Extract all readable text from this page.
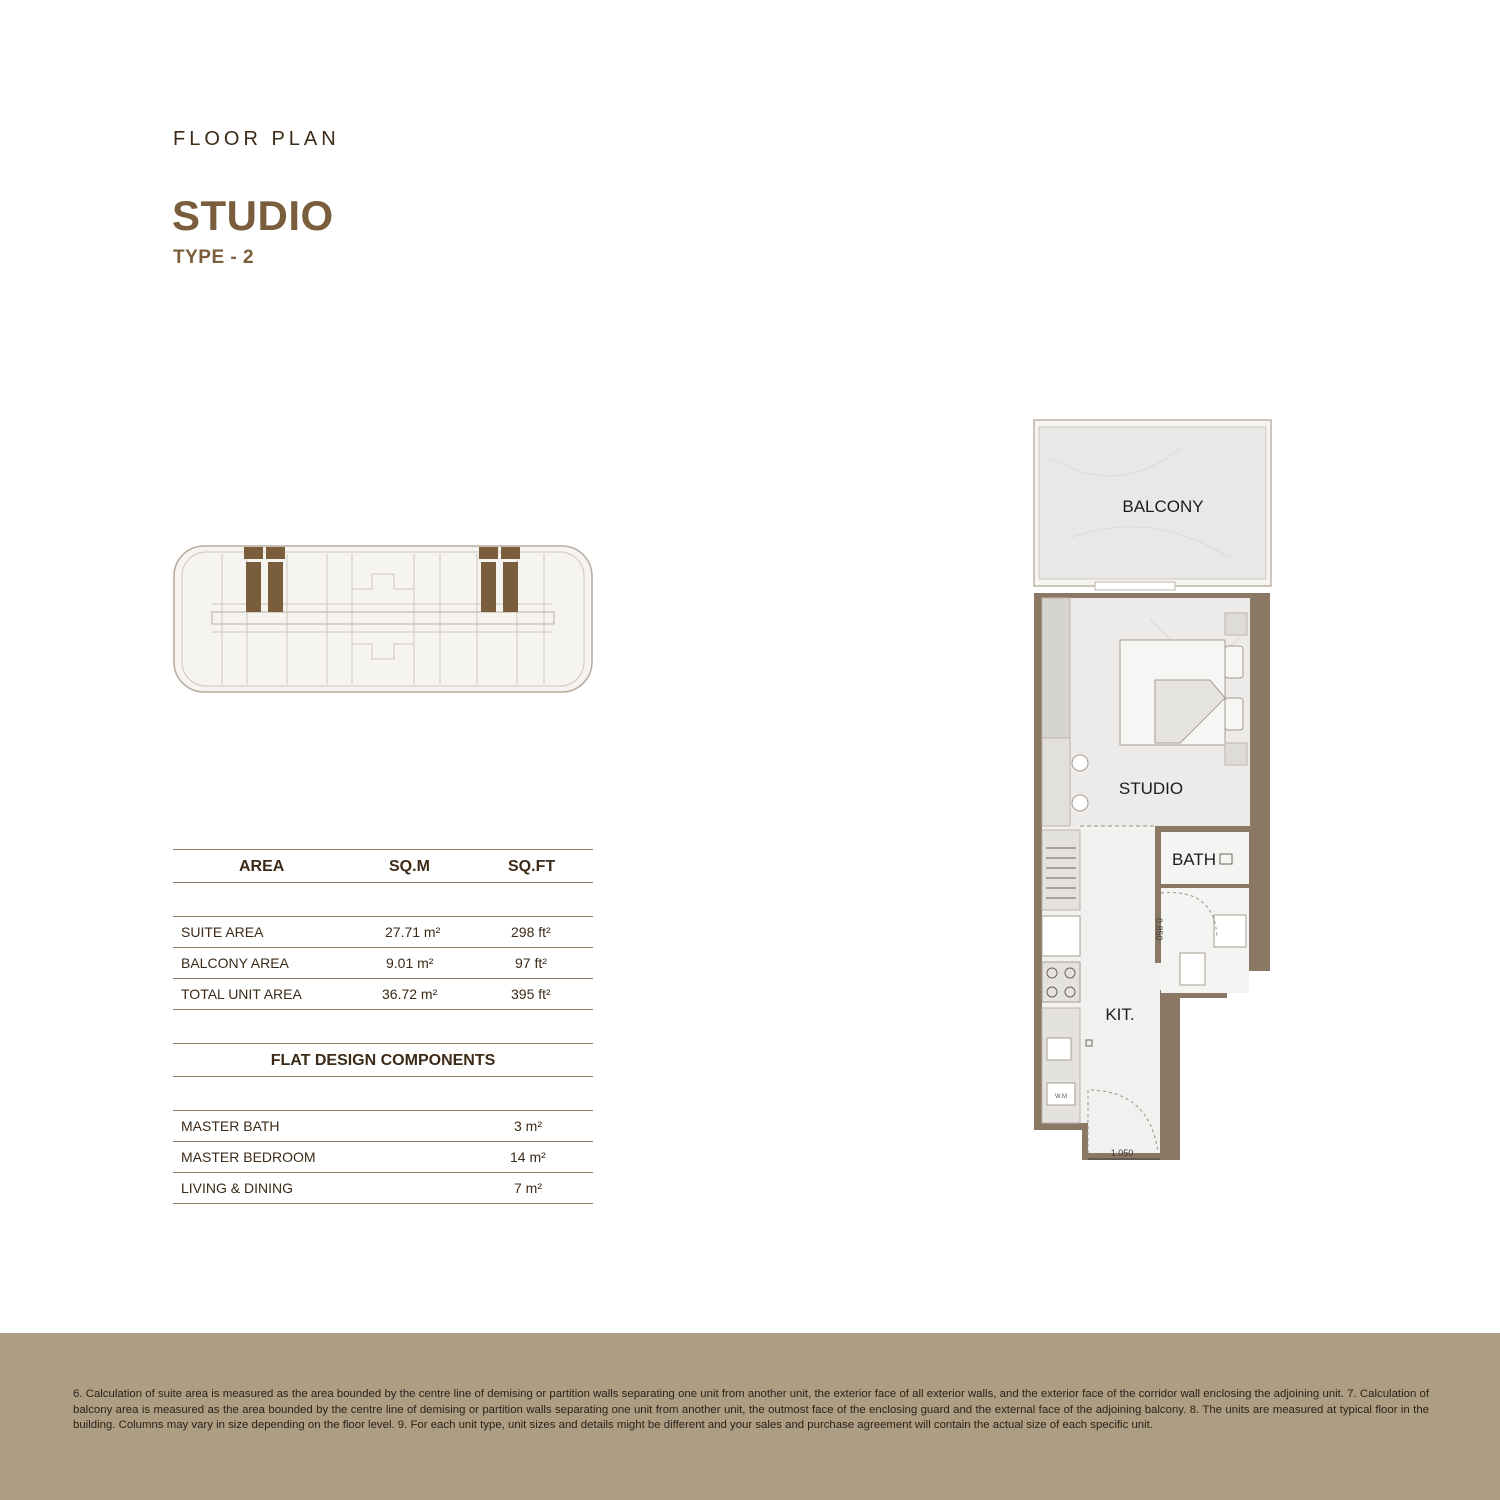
FLOOR PLAN
STUDIO
TYPE - 2
AREA	SQ.M	SQ.FT
SUITE AREA	27.71 m²	298 ft²
BALCONY AREA	9.01 m²	97 ft²
TOTAL UNIT AREA	36.72 m²	395 ft²
FLAT DESIGN COMPONENTS
MASTER BATH	3 m²
MASTER BEDROOM	14 m²
LIVING & DINING	7 m²
BALCONY
STUDIO
BATH
0.850
W.M
KIT.
1.050
6. Calculation of suite area is measured as the area bounded by the centre line of demising or partition walls separating one unit from another unit, the exterior face of all exterior walls, and the exterior face of the corridor wall enclosing the adjoining unit. 7. Calculation of balcony area is measured as the area bounded by the centre line of demising or partition walls separating one unit from another unit, the outmost face of the enclosing guard and the external face of the adjoining balcony. 8. The units are measured at typical floor in the building. Columns may vary in size depending on the floor level. 9. For each unit type, unit sizes and details might be different and your sales and purchase agreement will contain the actual size of each specific unit.
